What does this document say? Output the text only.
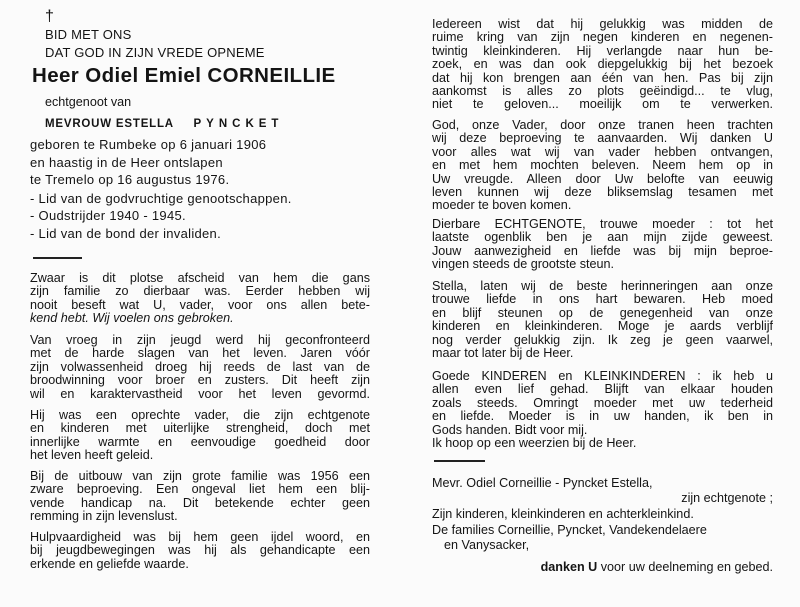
†
BID MET ONS
DAT GOD IN ZIJN VREDE OPNEME
Heer Odiel Emiel CORNEILLIE
echtgenoot van
MEVROUW ESTELLA PYNCKET
geboren te Rumbeke op 6 januari 1906
en haastig in de Heer ontslapen
te Tremelo op 16 augustus 1976.
- Lid van de godvruchtige genootschappen.
- Oudstrijder 1940 - 1945.
- Lid van de bond der invaliden.
Zwaar is dit plotse afscheid van hem die gans
zijn familie zo dierbaar was. Eerder hebben wij
nooit beseft wat U, vader, voor ons allen bete-
kend hebt. Wij voelen ons gebroken.
Van vroeg in zijn jeugd werd hij geconfronteerd
met de harde slagen van het leven. Jaren vóór
zijn volwassenheid droeg hij reeds de last van de
broodwinning voor broer en zusters. Dit heeft zijn
wil en karaktervastheid voor het leven gevormd.
Hij was een oprechte vader, die zijn echtgenote
en kinderen met uiterlijke strengheid, doch met
innerlijke warmte en eenvoudige goedheid door
het leven heeft geleid.
Bij de uitbouw van zijn grote familie was 1956 een
zware beproeving. Een ongeval liet hem een blij-
vende handicap na. Dit betekende echter geen
remming in zijn levenslust.
Hulpvaardigheid was bij hem geen ijdel woord, en
bij jeugdbewegingen was hij als gehandicapte een
erkende en geliefde waarde.
Iedereen wist dat hij gelukkig was midden de
ruime kring van zijn negen kinderen en negenen-
twintig kleinkinderen. Hij verlangde naar hun be-
zoek, en was dan ook diepgelukkig bij het bezoek
dat hij kon brengen aan één van hen. Pas bij zijn
aankomst is alles zo plots geëindigd... te vlug,
niet te geloven... moeilijk om te verwerken.
God, onze Vader, door onze tranen heen trachten
wij deze beproeving te aanvaarden. Wij danken U
voor alles wat wij van vader hebben ontvangen,
en met hem mochten beleven. Neem hem op in
Uw vreugde. Alleen door Uw belofte van eeuwig
leven kunnen wij deze bliksemslag tesamen met
moeder te boven komen.
Dierbare ECHTGENOTE, trouwe moeder : tot het
laatste ogenblik ben je aan mijn zijde geweest.
Jouw aanwezigheid en liefde was bij mijn beproe-
vingen steeds de grootste steun.
Stella, laten wij de beste herinneringen aan onze
trouwe liefde in ons hart bewaren. Heb moed
en blijf steunen op de genegenheid van onze
kinderen en kleinkinderen. Moge je aards verblijf
nog verder gelukkig zijn. Ik zeg je geen vaarwel,
maar tot later bij de Heer.
Goede KINDEREN en KLEINKINDEREN : ik heb u
allen even lief gehad. Blijft van elkaar houden
zoals steeds. Omringt moeder met uw tederheid
en liefde. Moeder is in uw handen, ik ben in
Gods handen. Bidt voor mij.
Ik hoop op een weerzien bij de Heer.
Mevr. Odiel Corneillie - Pyncket Estella,
zijn echtgenote ;
Zijn kinderen, kleinkinderen en achterkleinkind.
De families Corneillie, Pyncket, Vandekendelaere
en Vanysacker,
danken U voor uw deelneming en gebed.
